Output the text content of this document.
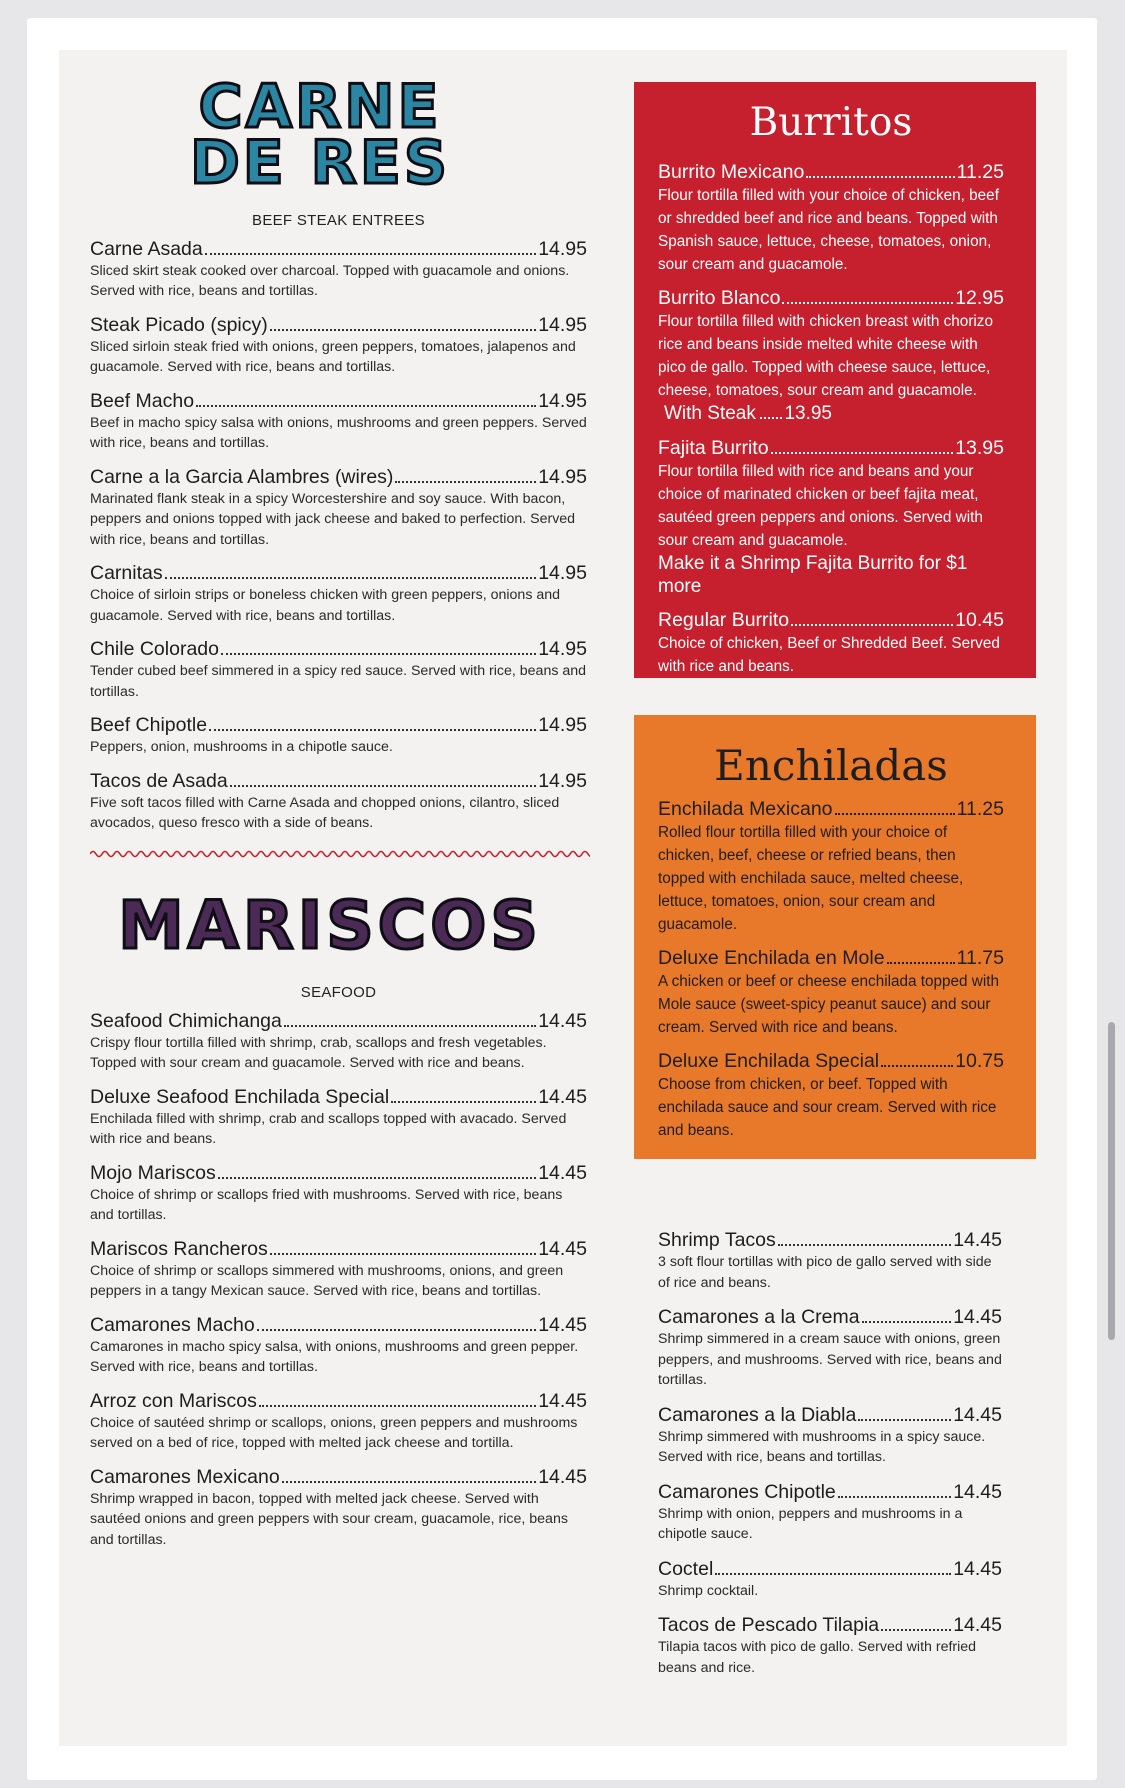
CARNE
DE RES
BEEF STEAK ENTREES
Carne Asada	14.95
Sliced skirt steak cooked over charcoal. Topped with guacamole and onions. Served with rice, beans and tortillas.
Steak Picado (spicy)	14.95
Sliced sirloin steak fried with onions, green peppers, tomatoes, jalapenos and guacamole. Served with rice, beans and tortillas.
Beef Macho	14.95
Beef in macho spicy salsa with onions, mushrooms and green peppers. Served with rice, beans and tortillas.
Carne a la Garcia Alambres (wires)	14.95
Marinated flank steak in a spicy Worcestershire and soy sauce. With bacon, peppers and onions topped with jack cheese and baked to perfection. Served with rice, beans and tortillas.
Carnitas	14.95
Choice of sirloin strips or boneless chicken with green peppers, onions and guacamole. Served with rice, beans and tortillas.
Chile Colorado	14.95
Tender cubed beef simmered in a spicy red sauce. Served with rice, beans and tortillas.
Beef Chipotle	14.95
Peppers, onion, mushrooms in a chipotle sauce.
Tacos de Asada	14.95
Five soft tacos filled with Carne Asada and chopped onions, cilantro, sliced avocados, queso fresco with a side of beans.
MARISCOS
SEAFOOD
Seafood Chimichanga	14.45
Crispy flour tortilla filled with shrimp, crab, scallops and fresh vegetables. Topped with sour cream and guacamole. Served with rice and beans.
Deluxe Seafood Enchilada Special	14.45
Enchilada filled with shrimp, crab and scallops topped with avacado. Served with rice and beans.
Mojo Mariscos	14.45
Choice of shrimp or scallops fried with mushrooms. Served with rice, beans and tortillas.
Mariscos Rancheros	14.45
Choice of shrimp or scallops simmered with mushrooms, onions, and green peppers in a tangy Mexican sauce. Served with rice, beans and tortillas.
Camarones Macho	14.45
Camarones in macho spicy salsa, with onions, mushrooms and green pepper. Served with rice, beans and tortillas.
Arroz con Mariscos	14.45
Choice of sautéed shrimp or scallops, onions, green peppers and mushrooms served on a bed of rice, topped with melted jack cheese and tortilla.
Camarones Mexicano	14.45
Shrimp wrapped in bacon, topped with melted jack cheese. Served with sautéed onions and green peppers with sour cream, guacamole, rice, beans and tortillas.
Burritos
Burrito Mexicano	11.25
Flour tortilla filled with your choice of chicken, beef or shredded beef and rice and beans. Topped with Spanish sauce, lettuce, cheese, tomatoes, onion, sour cream and guacamole.
Burrito Blanco	12.95
Flour tortilla filled with chicken breast with chorizo rice and beans inside melted white cheese with pico de gallo. Topped with cheese sauce, lettuce, cheese, tomatoes, sour cream and guacamole.
With Steak 13.95
Fajita Burrito	13.95
Flour tortilla filled with rice and beans and your choice of marinated chicken or beef fajita meat, sautéed green peppers and onions. Served with sour cream and guacamole.
Make it a Shrimp Fajita Burrito for $1 more
Regular Burrito	10.45
Choice of chicken, Beef or Shredded Beef. Served with rice and beans.
Enchiladas
Enchilada Mexicano	11.25
Rolled flour tortilla filled with your choice of chicken, beef, cheese or refried beans, then topped with enchilada sauce, melted cheese, lettuce, tomatoes, onion, sour cream and guacamole.
Deluxe Enchilada en Mole	11.75
A chicken or beef or cheese enchilada topped with Mole sauce (sweet-spicy peanut sauce) and sour cream. Served with rice and beans.
Deluxe Enchilada Special	10.75
Choose from chicken, or beef. Topped with enchilada sauce and sour cream. Served with rice and beans.
Shrimp Tacos	14.45
3 soft flour tortillas with pico de gallo served with side of rice and beans.
Camarones a la Crema	14.45
Shrimp simmered in a cream sauce with onions, green peppers, and mushrooms. Served with rice, beans and tortillas.
Camarones a la Diabla	14.45
Shrimp simmered with mushrooms in a spicy sauce. Served with rice, beans and tortillas.
Camarones Chipotle	14.45
Shrimp with onion, peppers and mushrooms in a chipotle sauce.
Coctel	14.45
Shrimp cocktail.
Tacos de Pescado Tilapia	14.45
Tilapia tacos with pico de gallo. Served with refried beans and rice.
